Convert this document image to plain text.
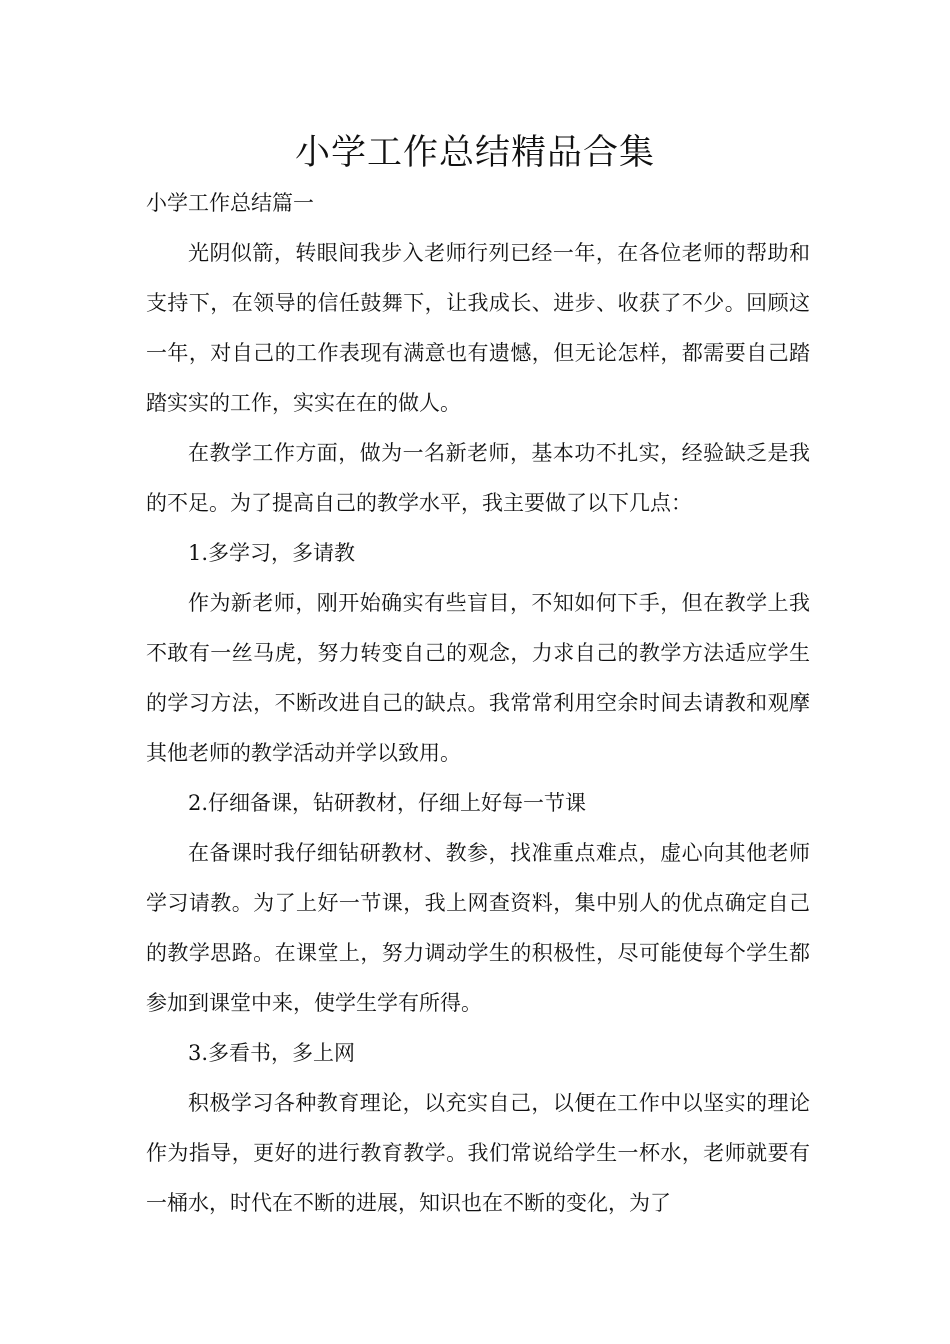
小学工作总结精品合集

小学工作总结篇一

光阴似箭，转眼间我步入老师行列已经一年，在各位老师的帮助和支持下，在领导的信任鼓舞下，让我成长、进步、收获了不少。回顾这一年，对自己的工作表现有满意也有遗憾，但无论怎样，都需要自己踏踏实实的工作，实实在在的做人。

在教学工作方面，做为一名新老师，基本功不扎实，经验缺乏是我的不足。为了提高自己的教学水平，我主要做了以下几点：

1.多学习，多请教

作为新老师，刚开始确实有些盲目，不知如何下手，但在教学上我不敢有一丝马虎，努力转变自己的观念，力求自己的教学方法适应学生的学习方法，不断改进自己的缺点。我常常利用空余时间去请教和观摩其他老师的教学活动并学以致用。

2.仔细备课，钻研教材，仔细上好每一节课

在备课时我仔细钻研教材、教参，找准重点难点，虚心向其他老师学习请教。为了上好一节课，我上网查资料，集中别人的优点确定自己的教学思路。在课堂上，努力调动学生的积极性，尽可能使每个学生都参加到课堂中来，使学生学有所得。

3.多看书，多上网

积极学习各种教育理论，以充实自己，以便在工作中以坚实的理论作为指导，更好的进行教育教学。我们常说给学生一杯水，老师就要有一桶水，时代在不断的进展，知识也在不断的变化，为了
